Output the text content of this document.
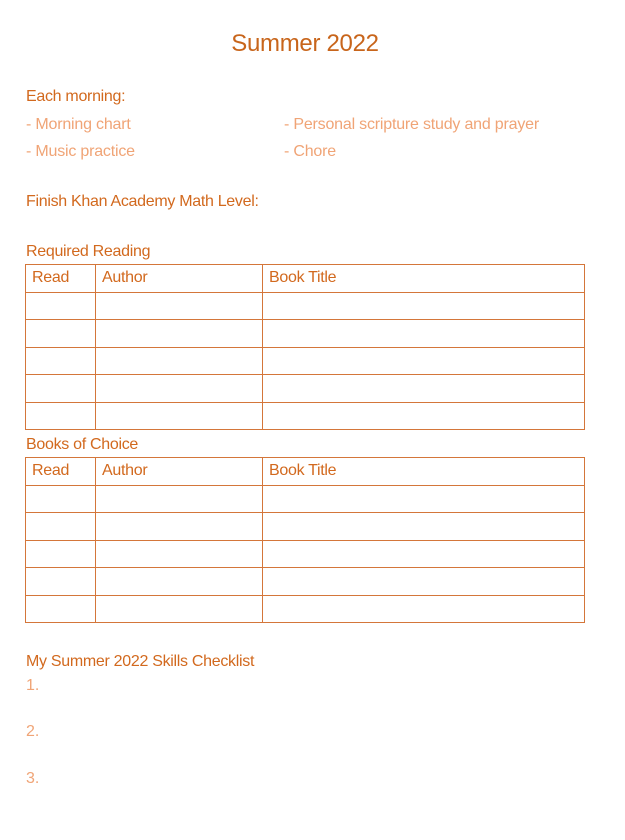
Summer 2022
Each morning:
- Morning chart	- Personal scripture study and prayer
- Music practice	- Chore
Finish Khan Academy Math Level:
Required Reading
Read	Author	Book Title

Books of Choice
Read	Author	Book Title

My Summer 2022 Skills Checklist
1.
2.
3.
